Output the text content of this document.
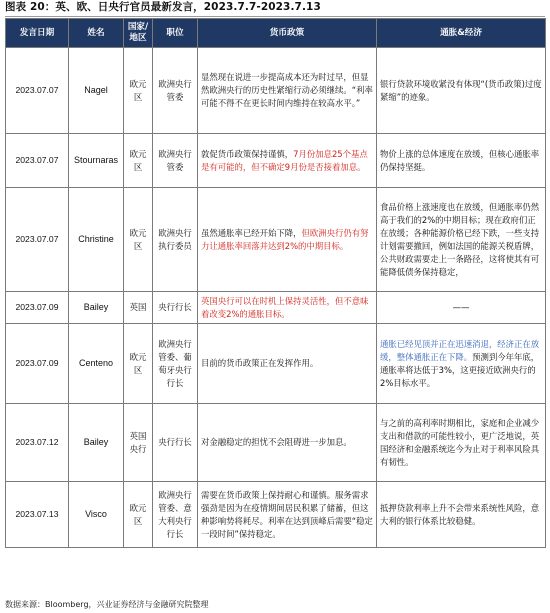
图表 20：英、欧、日央行官员最新发言，2023.7.7-2023.7.13
发言日期	姓名	国家/地区	职位	货币政策	通胀&经济
2023.07.07	Nagel	欧元区	欧洲央行管委	显然现在说进一步提高成本还为时过早，但显然欧洲央行的历史性紧缩行动必须继续。“利率可能不得不在更长时间内维持在较高水平。”	银行贷款环境收紧没有体现“(货币政策)过度紧缩”的迹象。
2023.07.07	Stournaras	欧元区	欧洲央行管委	敦促货币政策保持谨慎，7月份加息25个基点是有可能的，但不确定9月份是否接着加息。	物价上涨的总体速度在放缓，但核心通胀率仍保持坚挺。
2023.07.07	Christine	欧元区	欧洲央行执行委员	虽然通胀率已经开始下降，但欧洲央行仍有努力让通胀率回落并达到2%的中期目标。	食品价格上涨速度也在放缓，但通胀率仍然高于我们的2%的中期目标；现在政府们正在放缓；各种能源价格已经下跌，一些支持计划需要撤回，例如法国的能源关税盾牌，公共财政需要走上一条路径，这将使其有可能降低债务保持稳定，
2023.07.09	Bailey	英国	央行行长	英国央行可以在时机上保持灵活性，但不意味着改变2%的通胀目标。	——
2023.07.09	Centeno	欧元区	欧洲央行管委、葡萄牙央行行长	目前的货币政策正在发挥作用。	通胀已经见顶并正在迅速消退，经济正在放缓，整体通胀正在下降。预测到今年年底，通胀率将达低于3%，这更接近欧洲央行的2%目标水平。
2023.07.12	Bailey	英国央行	央行行长	对金融稳定的担忧不会阻碍进一步加息。	与之前的高利率时期相比，家庭和企业减少支出和借款的可能性较小，更广泛地说，英国经济和金融系统迄今为止对于利率风险具有韧性。
2023.07.13	Visco	欧元区	欧洲央行管委、意大利央行行长	需要在货币政策上保持耐心和谨慎。服务需求强劲是因为在疫情期间居民积累了储蓄，但这种影响势将耗尽。利率在达到顶峰后需要“稳定一段时间”保持稳定。	抵押贷款利率上升不会带来系统性风险，意大利的银行体系比较稳健。
数据来源：Bloomberg，兴业证券经济与金融研究院整理
